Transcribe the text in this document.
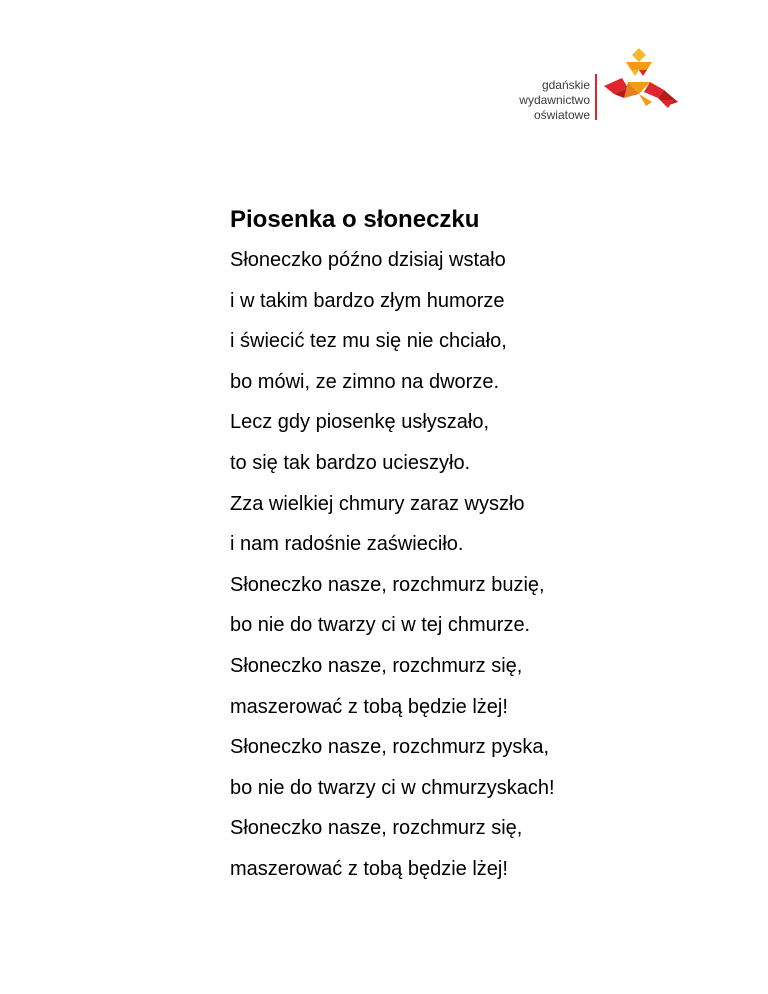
gdańskie
wydawnictwo
oświatowe
Piosenka o słoneczku
Słoneczko późno dzisiaj wstało
i w takim bardzo złym humorze
i świecić tez mu się nie chciało,
bo mówi, ze zimno na dworze.
Lecz gdy piosenkę usłyszało,
to się tak bardzo ucieszyło.
Zza wielkiej chmury zaraz wyszło
i nam radośnie zaświeciło.
Słoneczko nasze, rozchmurz buzię,
bo nie do twarzy ci w tej chmurze.
Słoneczko nasze, rozchmurz się,
maszerować z tobą będzie lżej!
Słoneczko nasze, rozchmurz pyska,
bo nie do twarzy ci w chmurzyskach!
Słoneczko nasze, rozchmurz się,
maszerować z tobą będzie lżej!
